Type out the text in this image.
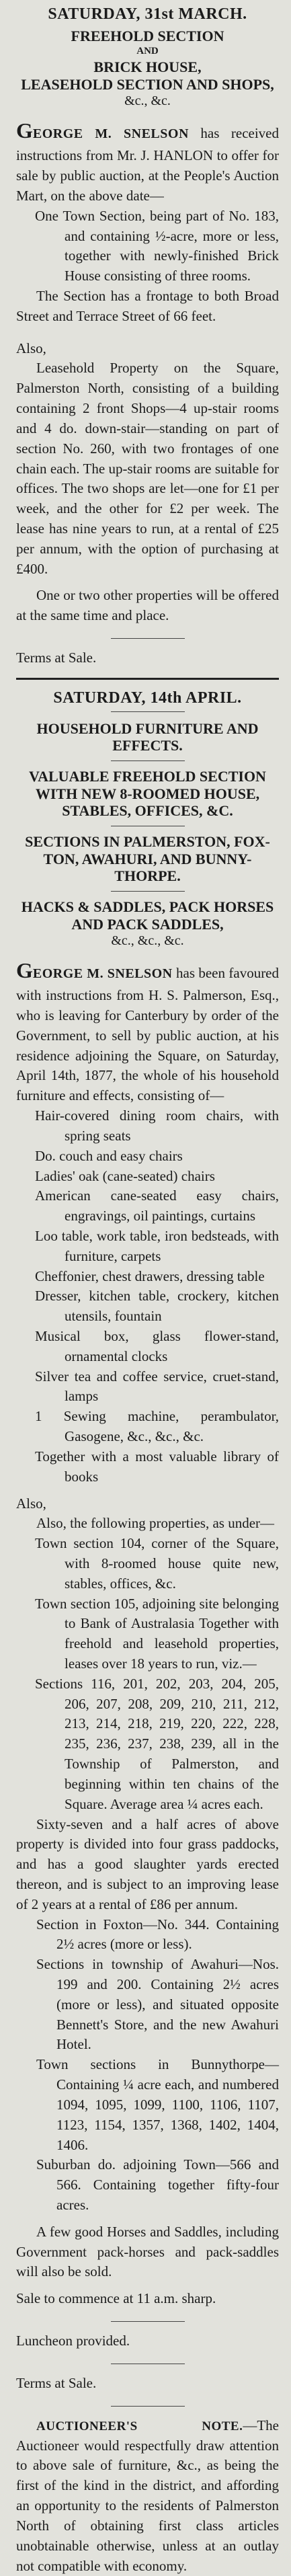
SATURDAY, 31st MARCH.

FREEHOLD SECTION

AND

BRICK HOUSE,

LEASEHOLD SECTION AND SHOPS,

&c., &c.

GEORGE M. SNELSON has received instructions from Mr. J. HANLON to offer for sale by public auction, at the People's Auction Mart, on the above date—

One Town Section, being part of No. 183, and containing ½-acre, more or less, together with newly-finished Brick House consisting of three rooms.

The Section has a frontage to both Broad Street and Terrace Street of 66 feet.

Also,

Leasehold Property on the Square, Palmerston North, consisting of a building containing 2 front Shops—4 up-stair rooms and 4 do. down-stair—standing on part of section No. 260, with two frontages of one chain each. The up-stair rooms are suitable for offices. The two shops are let—one for £1 per week, and the other for £2 per week. The lease has nine years to run, at a rental of £25 per annum, with the option of purchasing at £400.

One or two other properties will be offered at the same time and place.

Terms at Sale.

SATURDAY, 14th APRIL.

HOUSEHOLD FURNITURE AND

EFFECTS.

VALUABLE FREEHOLD SECTION

WITH NEW 8-ROOMED HOUSE,

STABLES, OFFICES, &C.

SECTIONS IN PALMERSTON, FOX-

TON, AWAHURI, AND BUNNY-

THORPE.

HACKS & SADDLES, PACK HORSES

AND PACK SADDLES,

&c., &c., &c.

GEORGE M. SNELSON has been favoured with instructions from H. S. Palmerson, Esq., who is leaving for Canterbury by order of the Government, to sell by public auction, at his residence adjoining the Square, on Saturday, April 14th, 1877, the whole of his household furniture and effects, consisting of—

Hair-covered dining room chairs, with spring seats

Do. couch and easy chairs

Ladies' oak (cane-seated) chairs

American cane-seated easy chairs, engravings, oil paintings, curtains

Loo table, work table, iron bedsteads, with furniture, carpets

Cheffonier, chest drawers, dressing table

Dresser, kitchen table, crockery, kitchen utensils, fountain

Musical box, glass flower-stand, ornamental clocks

Silver tea and coffee service, cruet-stand, lamps

1 Sewing machine, perambulator, Gasogene, &c., &c., &c.

Together with a most valuable library of books

Also,

Also, the following properties, as under—

Town section 104, corner of the Square, with 8-roomed house quite new, stables, offices, &c.

Town section 105, adjoining site belonging to Bank of Australasia Together with freehold and leasehold properties, leases over 18 years to run, viz.—

Sections 116, 201, 202, 203, 204, 205, 206, 207, 208, 209, 210, 211, 212, 213, 214, 218, 219, 220, 222, 228, 235, 236, 237, 238, 239, all in the Township of Palmerston, and beginning within ten chains of the Square. Average area ¼ acres each.

Sixty-seven and a half acres of above property is divided into four grass paddocks, and has a good slaughter yards erected thereon, and is subject to an improving lease of 2 years at a rental of £86 per annum.

Section in Foxton—No. 344. Containing 2½ acres (more or less).

Sections in township of Awahuri—Nos. 199 and 200. Containing 2½ acres (more or less), and situated opposite Bennett's Store, and the new Awahuri Hotel.

Town sections in Bunnythorpe—Containing ¼ acre each, and numbered 1094, 1095, 1099, 1100, 1106, 1107, 1123, 1154, 1357, 1368, 1402, 1404, 1406.

Suburban do. adjoining Town—566 and 566. Containing together fifty-four acres.

A few good Horses and Saddles, including Government pack-horses and pack-saddles will also be sold.

Sale to commence at 11 a.m. sharp.

Luncheon provided.

Terms at Sale.

AUCTIONEER'S NOTE.—The Auctioneer would respectfully draw attention to above sale of furniture, &c., as being the first of the kind in the district, and affording an opportunity to the residents of Palmerston North of obtaining first class articles unobtainable otherwise, unless at an outlay not compatible with economy.
